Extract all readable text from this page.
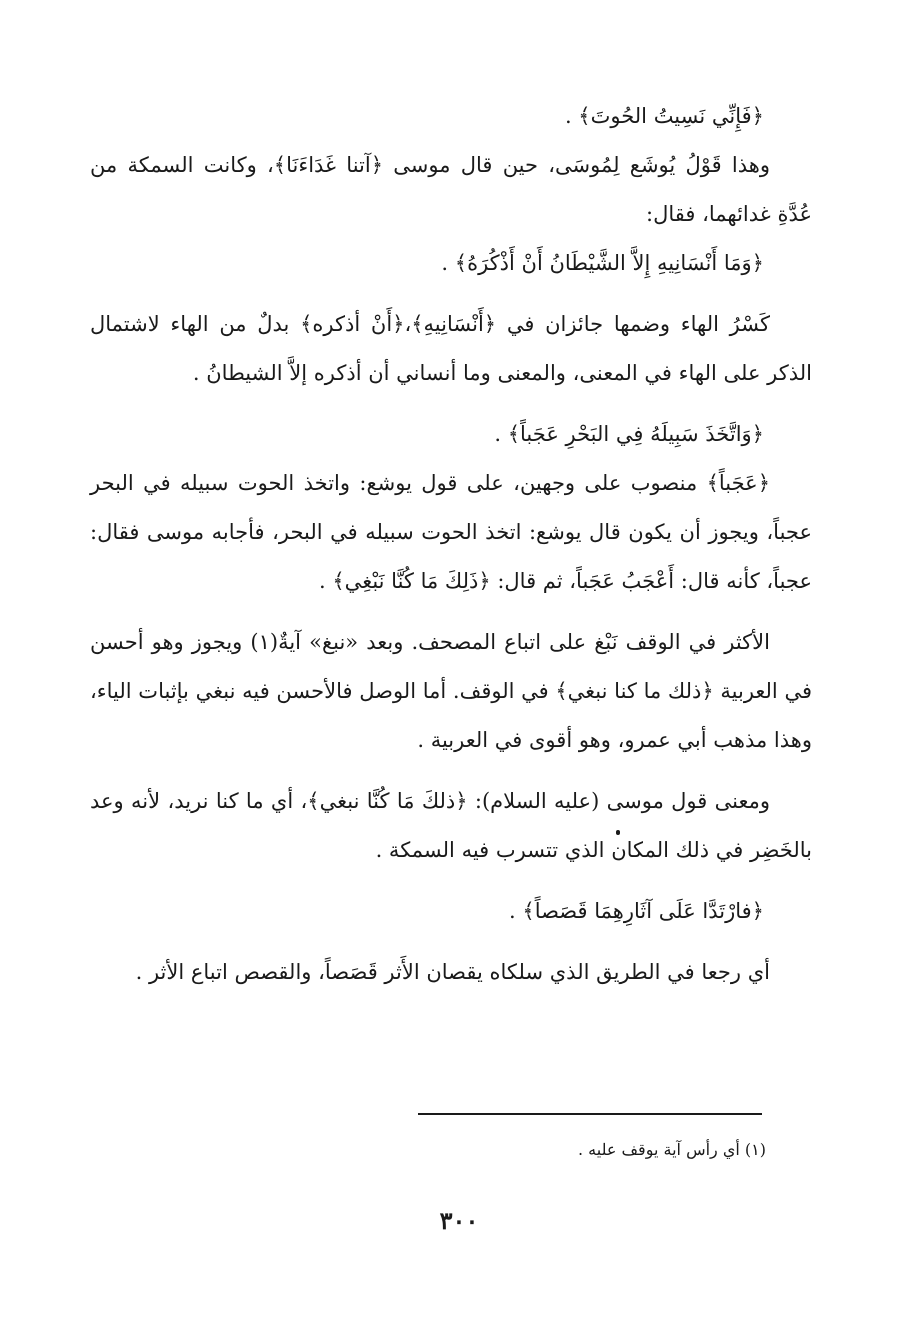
﴿فَإِنِّي نَسِيتُ الحُوتَ﴾ .

وهذا قَوْلُ يُوشَع لِمُوسَى، حين قال موسى ﴿آتنا غَدَاءَنَا﴾، وكانت السمكة من عُدَّةِ غدائهما، فقال:

﴿وَمَا أَنْسَانِيهِ إِلاَّ الشَّيْطَانُ أَنْ أَذْكُرَهُ﴾ .

كَسْرُ الهاء وضمها جائزان في ﴿أَنْسَانِيهِ﴾،﴿أَنْ أذكره﴾ بدلٌ من الهاء لاشتمال الذكر على الهاء في المعنى، والمعنى وما أنساني أن أذكره إلاَّ الشيطانُ .

﴿وَاتَّخَذَ سَبِيلَهُ فِي البَحْرِ عَجَباً﴾ .

﴿عَجَباً﴾ منصوب على وجهين، على قول يوشع: واتخذ الحوت سبيله في البحر عجباً، ويجوز أن يكون قال يوشع: اتخذ الحوت سبيله في البحر، فأجابه موسى فقال: عجباً، كأنه قال: أَعْجَبُ عَجَباً، ثم قال: ﴿ذَلِكَ مَا كُنَّا نَبْغِي﴾ .

الأكثر في الوقف نَبْغ على اتباع المصحف. وبعد «نبغ» آيةٌ(١) ويجوز وهو أحسن في العربية ﴿ذلك ما كنا نبغي﴾ في الوقف. أما الوصل فالأحسن فيه نبغي بإثبات الياء، وهذا مذهب أبي عمرو، وهو أقوى في العربية .

ومعنى قول موسى (عليه السلام): ﴿ذلكَ مَا كُنَّا نبغي﴾، أي ما كنا نريد، لأنه وعد بالخَضِر في ذلك المكان الذي تتسرب فيه السمكة .

﴿فارْتَدَّا عَلَى آثَارِهِمَا قَصَصاً﴾ .

أي رجعا في الطريق الذي سلكاه يقصان الأَثر قَصَصاً، والقصص اتباع الأثر .

(١) أي رأس آية يوقف عليه .
٣٠٠
